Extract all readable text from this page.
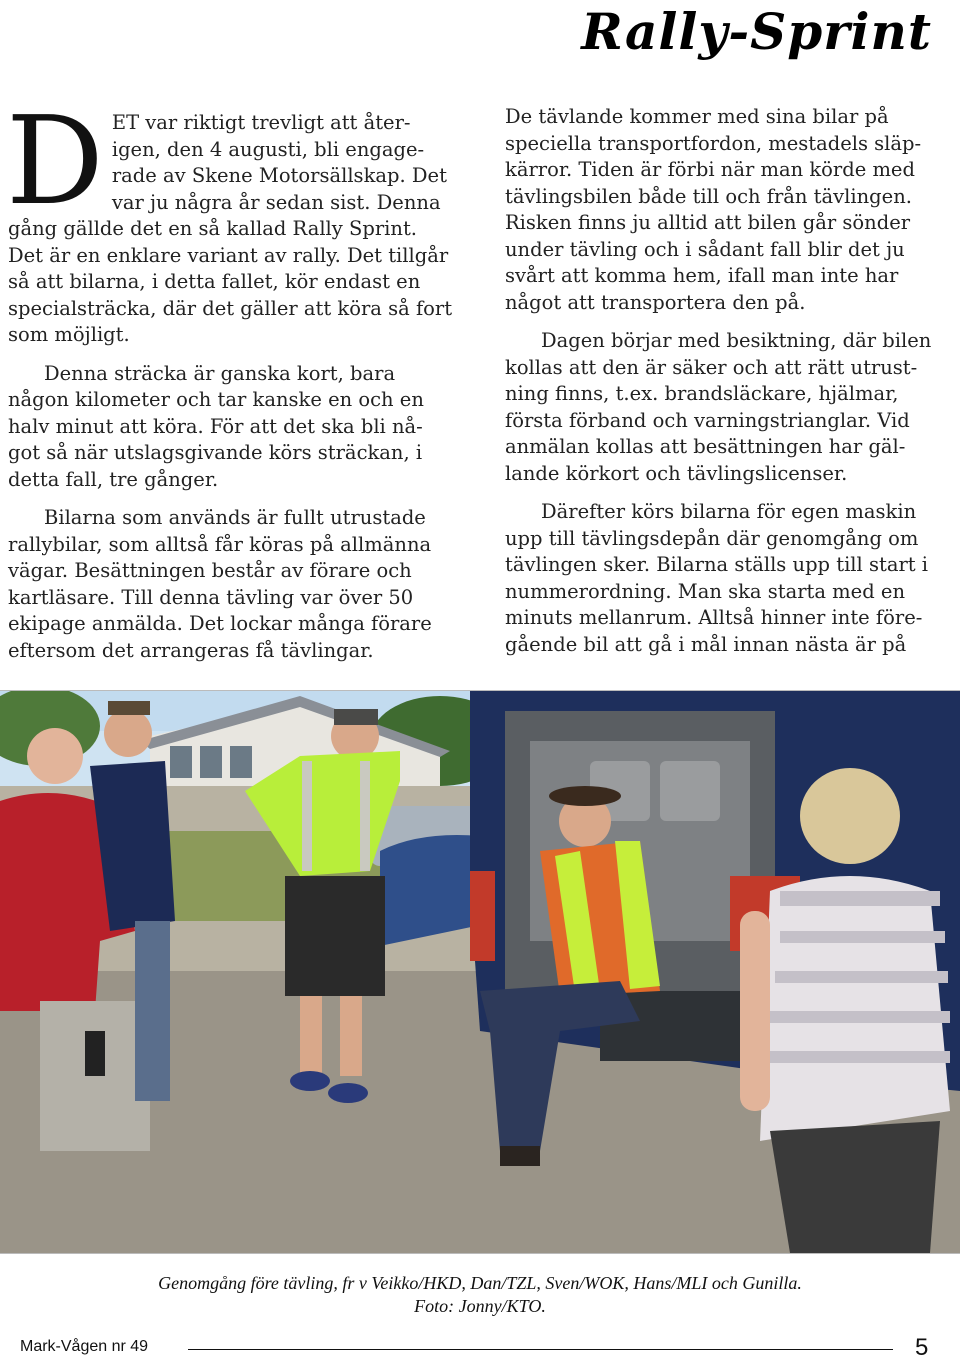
Rally-Sprint

DET var riktigt trevligt att åter- igen, den 4 augusti, bli engage- rade av Skene Motorsällskap. Det var ju några år sedan sist. Denna gång gällde det en så kallad Rally Sprint. Det är en enklare variant av rally. Det tillgår så att bilarna, i detta fallet, kör endast en specialsträcka, där det gäller att köra så fort som möjligt.

Denna sträcka är ganska kort, bara någon kilometer och tar kanske en och en halv minut att köra. För att det ska bli nå- got så när utslagsgivande körs sträckan, i detta fall, tre gånger.

Bilarna som används är fullt utrustade rallybilar, som alltså får köras på allmänna vägar. Besättningen består av förare och kartläsare. Till denna tävling var över 50 ekipage anmälda. Det lockar många förare eftersom det arrangeras få tävlingar.

De tävlande kommer med sina bilar på speciella transportfordon, mestadels släp- kärror. Tiden är förbi när man körde med tävlingsbilen både till och från tävlingen. Risken finns ju alltid att bilen går sönder under tävling och i sådant fall blir det ju svårt att komma hem, ifall man inte har något att transportera den på.

Dagen börjar med besiktning, där bilen kollas att den är säker och att rätt utrust- ning finns, t.ex. brandsläckare, hjälmar, första förband och varningstrianglar. Vid anmälan kollas att besättningen har gäl- lande körkort och tävlingslicenser.

Därefter körs bilarna för egen maskin upp till tävlingsdepån där genomgång om tävlingen sker. Bilarna ställs upp till start i nummerordning. Man ska starta med en minuts mellanrum. Alltså hinner inte före- gående bil att gå i mål innan nästa är på

Genomgång före tävling, fr v Veikko/HKD, Dan/TZL, Sven/WOK, Hans/MLI och Gunilla.
Foto: Jonny/KTO.
Mark-Vågen nr 49	5
